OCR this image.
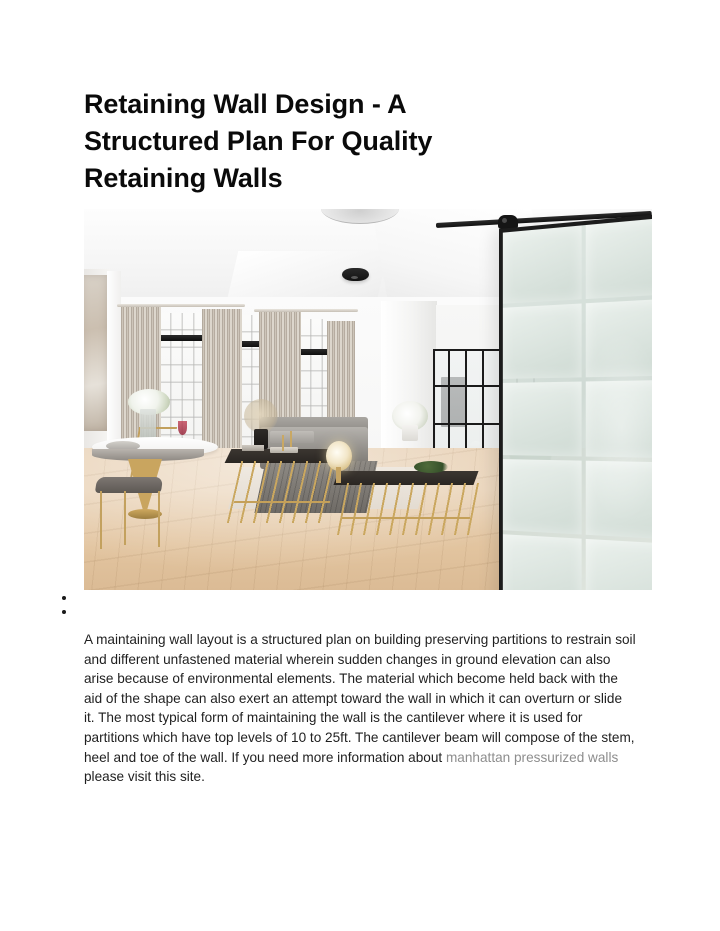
Retaining Wall Design - A Structured Plan For Quality Retaining Walls

A maintaining wall layout is a structured plan on building preserving partitions to restrain soil and different unfastened material wherein sudden changes in ground elevation can also arise because of environmental elements. The material which become held back with the aid of the shape can also exert an attempt toward the wall in which it can overturn or slide it. The most typical form of maintaining the wall is the cantilever where it is used for partitions which have top levels of 10 to 25ft. The cantilever beam will compose of the stem, heel and toe of the wall. If you need more information about manhattan pressurized walls please visit this site.
